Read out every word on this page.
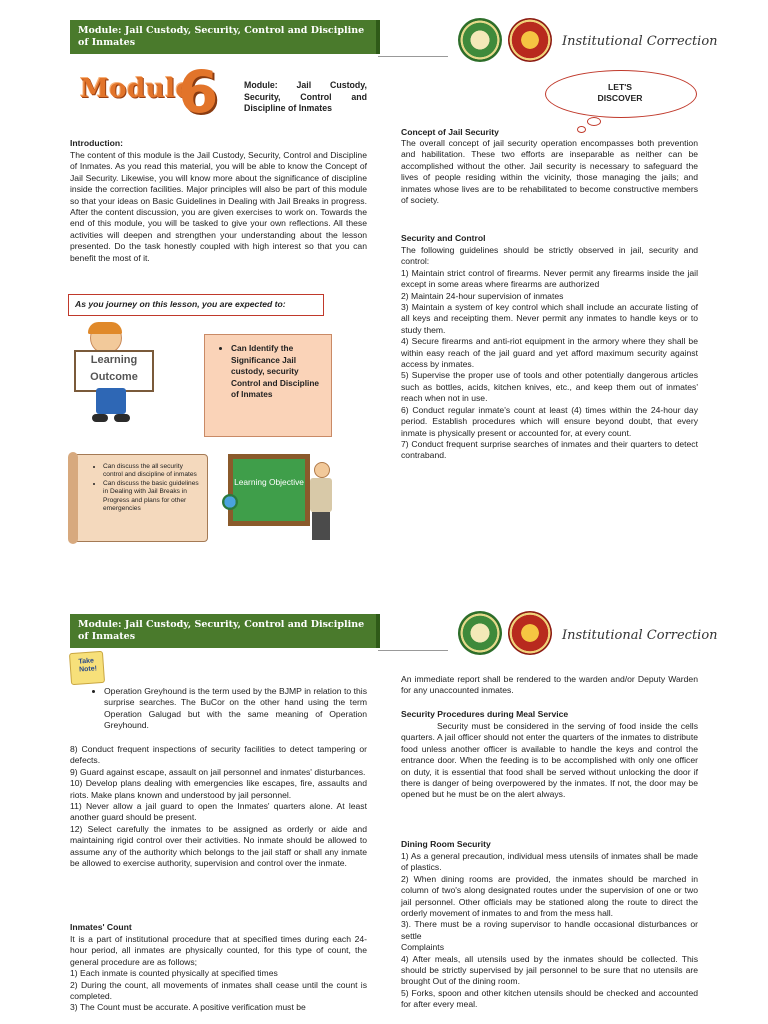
Module: Jail Custody, Security, Control and Discipline of Inmates	Institutional Correction
Module
6	Module: Jail Custody, Security, Control and Discipline of Inmates
LET'S DISCOVER
Introduction:
The content of this module is the Jail Custody, Security, Control and Discipline of Inmates. As you read this material, you will be able to know the Concept of Jail Security. Likewise, you will know more about the significance of discipline inside the correction facilities. Major principles will also be part of this module so that your ideas on Basic Guidelines in Dealing with Jail Breaks in progress. After the content discussion, you are given exercises to work on. Towards the end of this module, you will be tasked to give your own reflections. All these activities will deepen and strengthen your understanding about the lesson presented. Do the task honestly coupled with high interest so that you can benefit the most of it.
As you journey on this lesson, you are expected to:
Learning Outcome
• Can Identify the Significance Jail custody, security Control and Discipline of Inmates
• Can discuss the all security control and discipline of inmates
• Can discuss the basic guidelines in Dealing with Jail Breaks in Progress and plans for other emergencies
Learning Objective
Concept of Jail Security
The overall concept of jail security operation encompasses both prevention and habilitation. These two efforts are inseparable as neither can be accomplished without the other. Jail security is necessary to safeguard the lives of people residing within the vicinity, those managing the jails; and inmates whose lives are to be rehabilitated to become constructive members of society.
Security and Control

The following guidelines should be strictly observed in jail, security and control:

1) Maintain strict control of firearms. Never permit any firearms inside the jail except in some areas where firearms are authorized

2) Maintain 24-hour supervision of inmates

3) Maintain a system of key control which shall include an accurate listing of all keys and receipting them. Never permit any inmates to handle keys or to study them.

4) Secure firearms and anti-riot equipment in the armory where they shall be within easy reach of the jail guard and yet afford maximum security against access by inmates.

5) Supervise the proper use of tools and other potentially dangerous articles such as bottles, acids, kitchen knives, etc., and keep them out of inmates' reach when not in use.

6) Conduct regular inmate's count at least (4) times within the 24-hour day period. Establish procedures which will ensure beyond doubt, that every inmate is physically present or accounted for, at every count.

7) Conduct frequent surprise searches of inmates and their quarters to detect contraband.

Module: Jail Custody, Security, Control and Discipline of Inmates	Institutional Correction
Take Note!
• Operation Greyhound is the term used by the BJMP in relation to this surprise searches. The BuCor on the other hand using the term Operation Galugad but with the same meaning of Operation Greyhound.

8) Conduct frequent inspections of security facilities to detect tampering or defects.

9) Guard against escape, assault on jail personnel and inmates' disturbances.

10) Develop plans dealing with emergencies like escapes, fire, assaults and riots. Make plans known and understood by jail personnel.

11) Never allow a jail guard to open the Inmates' quarters alone. At least another guard should be present.

12) Select carefully the inmates to be assigned as orderly or aide and maintaining rigid control over their activities. No inmate should be allowed to assume any of the authority which belongs to the jail staff or shall any inmate be allowed to exercise authority, supervision and control over the inmate.

Inmates' Count

It is a part of institutional procedure that at specified times during each 24-hour period, all inmates are physically counted, for this type of count, the general procedure are as follows;

1) Each inmate is counted physically at specified times

2) During the count, all movements of inmates shall cease until the count is completed.

3) The Count must be accurate. A positive verification must be

An immediate report shall be rendered to the warden and/or Deputy Warden for any unaccounted inmates.
Security Procedures during Meal Service
Security must be considered in the serving of food inside the cells quarters. A jail officer should not enter the quarters of the inmates to distribute food unless another officer is available to handle the keys and control the entrance door. When the feeding is to be accomplished with only one officer on duty, it is essential that food shall be served without unlocking the door if there is danger of being overpowered by the inmates. If not, the door may be opened but he must be on the alert always.
Dining Room Security

1) As a general precaution, individual mess utensils of inmates shall be made of plastics.

2) When dining rooms are provided, the inmates should be marched in column of two's along designated routes under the supervision of one or two jail personnel. Other officials may be stationed along the route to direct the orderly movement of inmates to and from the mess hall.

3). There must be a roving supervisor to handle occasional disturbances or settle

Complaints

4) After meals, all utensils used by the inmates should be collected. This should be strictly supervised by jail personnel to be sure that no utensils are brought Out of the dining room.

5) Forks, spoon and other kitchen utensils should be checked and accounted for after every meal.
